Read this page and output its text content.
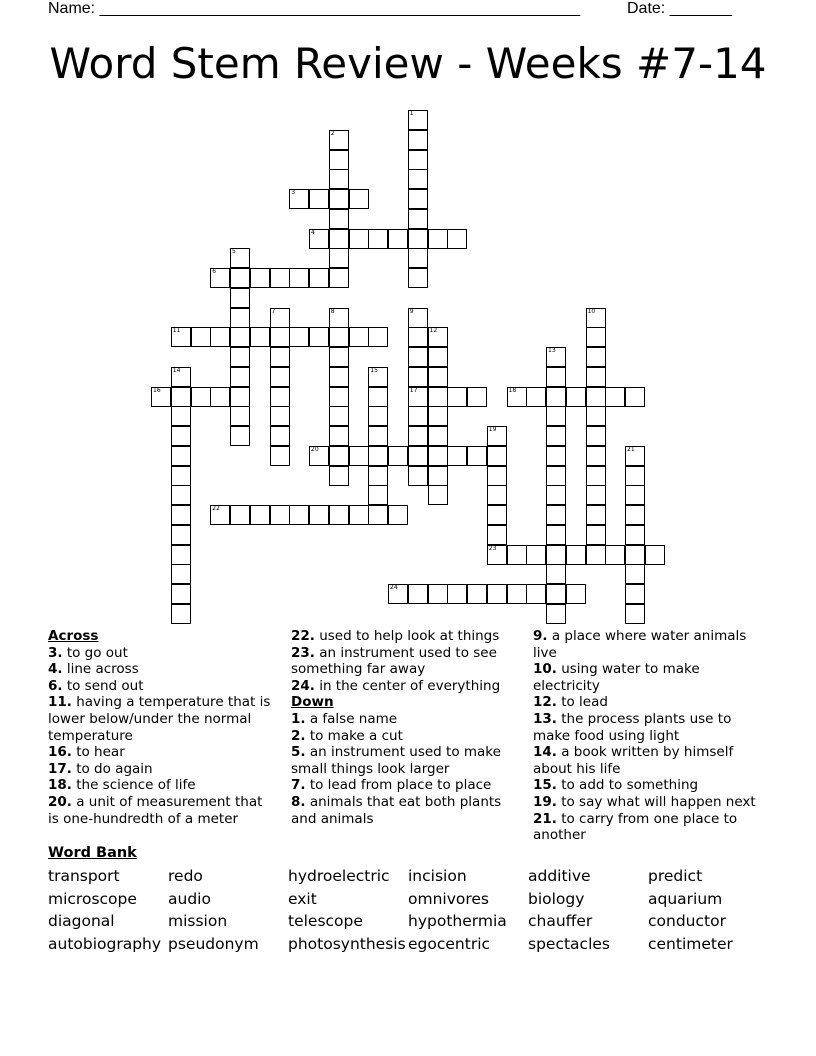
Name: ______________________________________________________	Date: _______
Word Stem Review - Weeks #7-14
1
2
3
4
5
6
7	8	9
17
10
11	12
13
14	15
16	18
19
23
20	21
22
24
Across
3. to go out
4. line across
6. to send out
11. having a temperature that is lower below/under the normal temperature
16. to hear
17. to do again
18. the science of life
20. a unit of measurement that is one-hundredth of a meter
22. used to help look at things
23. an instrument used to see something far away
24. in the center of everything
Down
1. a false name
2. to make a cut
5. an instrument used to make small things look larger
7. to lead from place to place
8. animals that eat both plants and animals
9. a place where water animals live
10. using water to make electricity
12. to lead
13. the process plants use to make food using light
14. a book written by himself about his life
15. to add to something
19. to say what will happen next
21. to carry from one place to another
Word Bank
transport	redo	hydroelectric incision	additive	predict
microscope audio	exit	omnivores	biology	aquarium
diagonal	mission	telescope	hypothermia chauffer	conductor
autobiography pseudonym photosynthesis egocentric spectacles centimeter
